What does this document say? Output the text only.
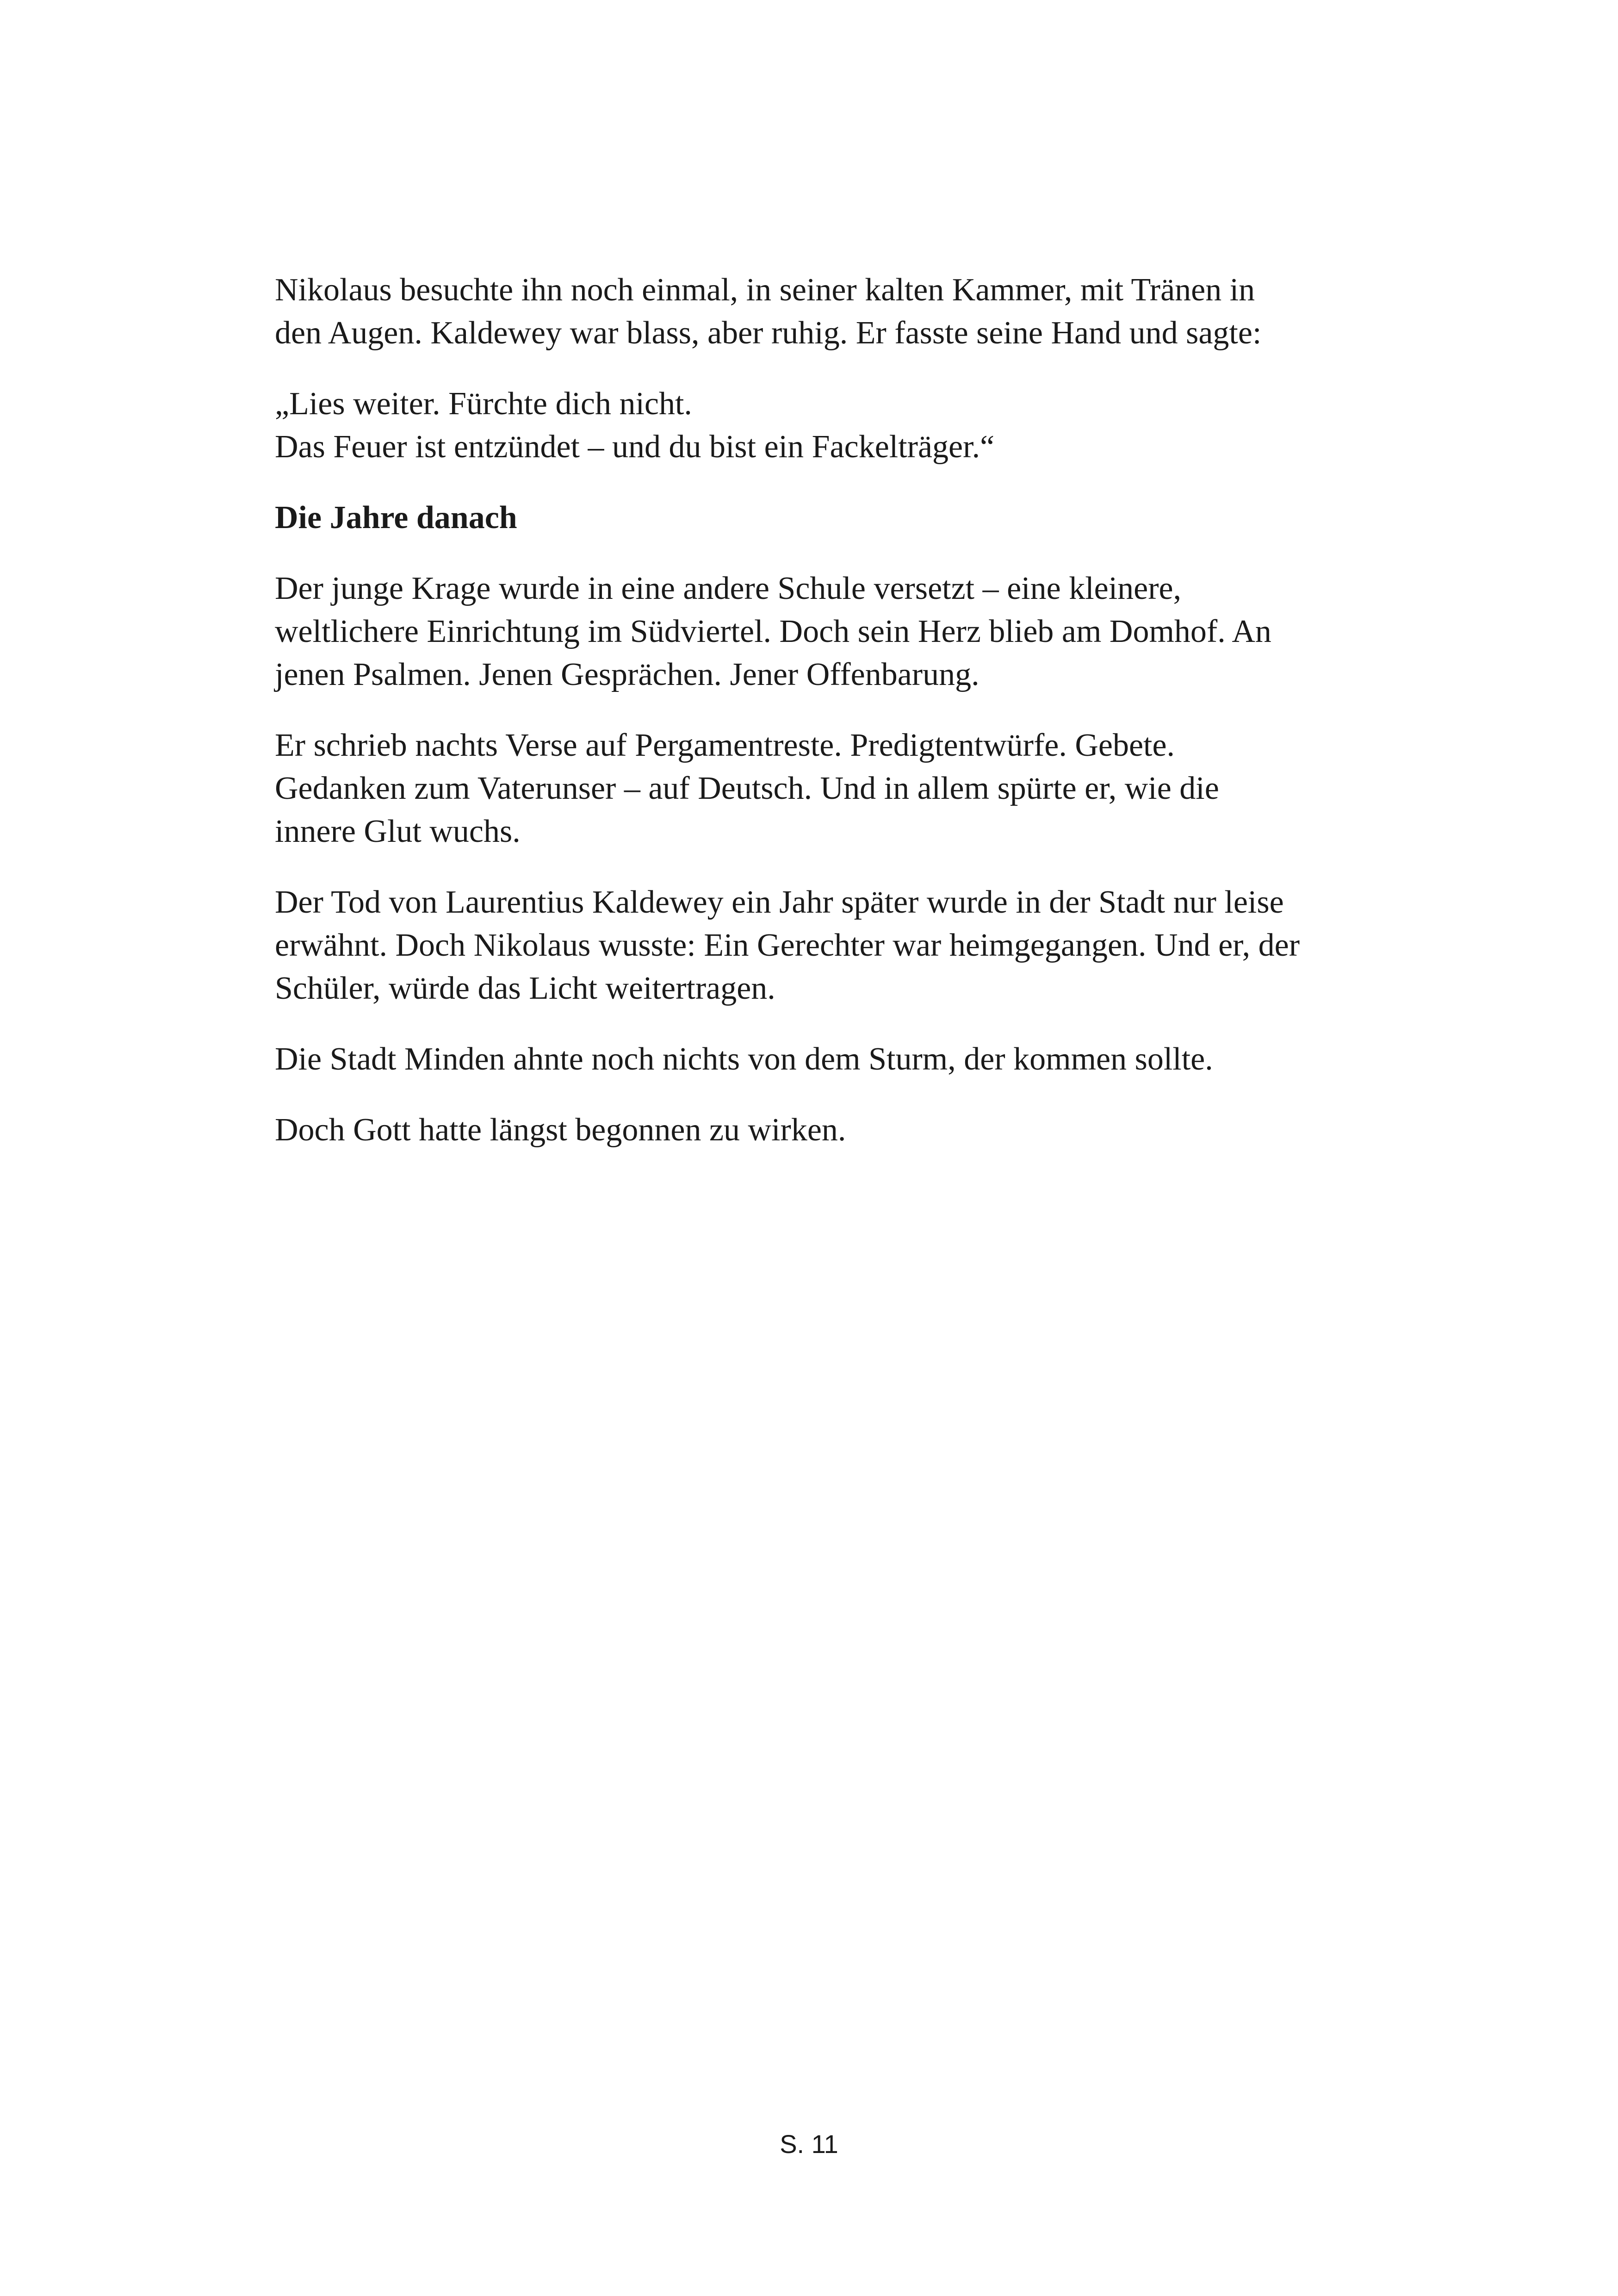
Nikolaus besuchte ihn noch einmal, in seiner kalten Kammer, mit Tränen in
den Augen. Kaldewey war blass, aber ruhig. Er fasste seine Hand und sagte:

„Lies weiter. Fürchte dich nicht.
Das Feuer ist entzündet – und du bist ein Fackelträger.“

Die Jahre danach

Der junge Krage wurde in eine andere Schule versetzt – eine kleinere,
weltlichere Einrichtung im Südviertel. Doch sein Herz blieb am Domhof. An
jenen Psalmen. Jenen Gesprächen. Jener Offenbarung.

Er schrieb nachts Verse auf Pergamentreste. Predigtentwürfe. Gebete.
Gedanken zum Vaterunser – auf Deutsch. Und in allem spürte er, wie die
innere Glut wuchs.

Der Tod von Laurentius Kaldewey ein Jahr später wurde in der Stadt nur leise
erwähnt. Doch Nikolaus wusste: Ein Gerechter war heimgegangen. Und er, der
Schüler, würde das Licht weitertragen.

Die Stadt Minden ahnte noch nichts von dem Sturm, der kommen sollte.

Doch Gott hatte längst begonnen zu wirken.

S. 11
